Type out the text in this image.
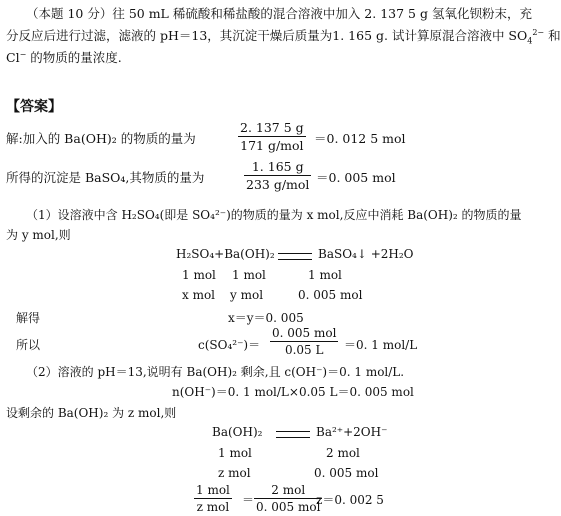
（本题 10 分）往 50 mL 稀硫酸和稀盐酸的混合溶液中加入 2. 137 5 g 氢氧化钡粉末，充
分反应后进行过滤，滤液的 pH＝13，其沉淀干燥后质量为1. 165 g. 试计算原混合溶液中 $SO_4^{2-}$ 和
Cl− 的物质的量浓度.
【答案】
解:加入的 Ba(OH)₂ 的物质的量为
2. 137 5 g
171 g/mol ＝0. 012 5 mol
所得的沉淀是 BaSO₄,其物质的量为
1. 165 g
233 g/mol ＝0. 005 mol
（1）设溶液中含 H₂SO₄(即是 SO₄²⁻)的物质的量为 x mol,反应中消耗 Ba(OH)₂ 的物质的量
为 y mol,则
H₂SO₄+Ba(OH)₂	BaSO₄↓ +2H₂O
1 mol 1 mol	1 mol
x mol y mol	0. 005 mol
解得	x＝y＝0. 005
所以	c(SO₄²⁻)＝
0. 005 mol
0.05 L	＝0. 1 mol/L
（2）溶液的 pH＝13,说明有 Ba(OH)₂ 剩余,且 c(OH⁻)＝0. 1 mol/L.
n(OH⁻)＝0. 1 mol/L×0.05 L＝0. 005 mol
设剩余的 Ba(OH)₂ 为 z mol,则
Ba(OH)₂	Ba²⁺+2OH⁻
1 mol	2 mol
z mol	0. 005 mol
1 mol
z mol ＝
2 mol
0. 005 mol
z＝0. 002 5
